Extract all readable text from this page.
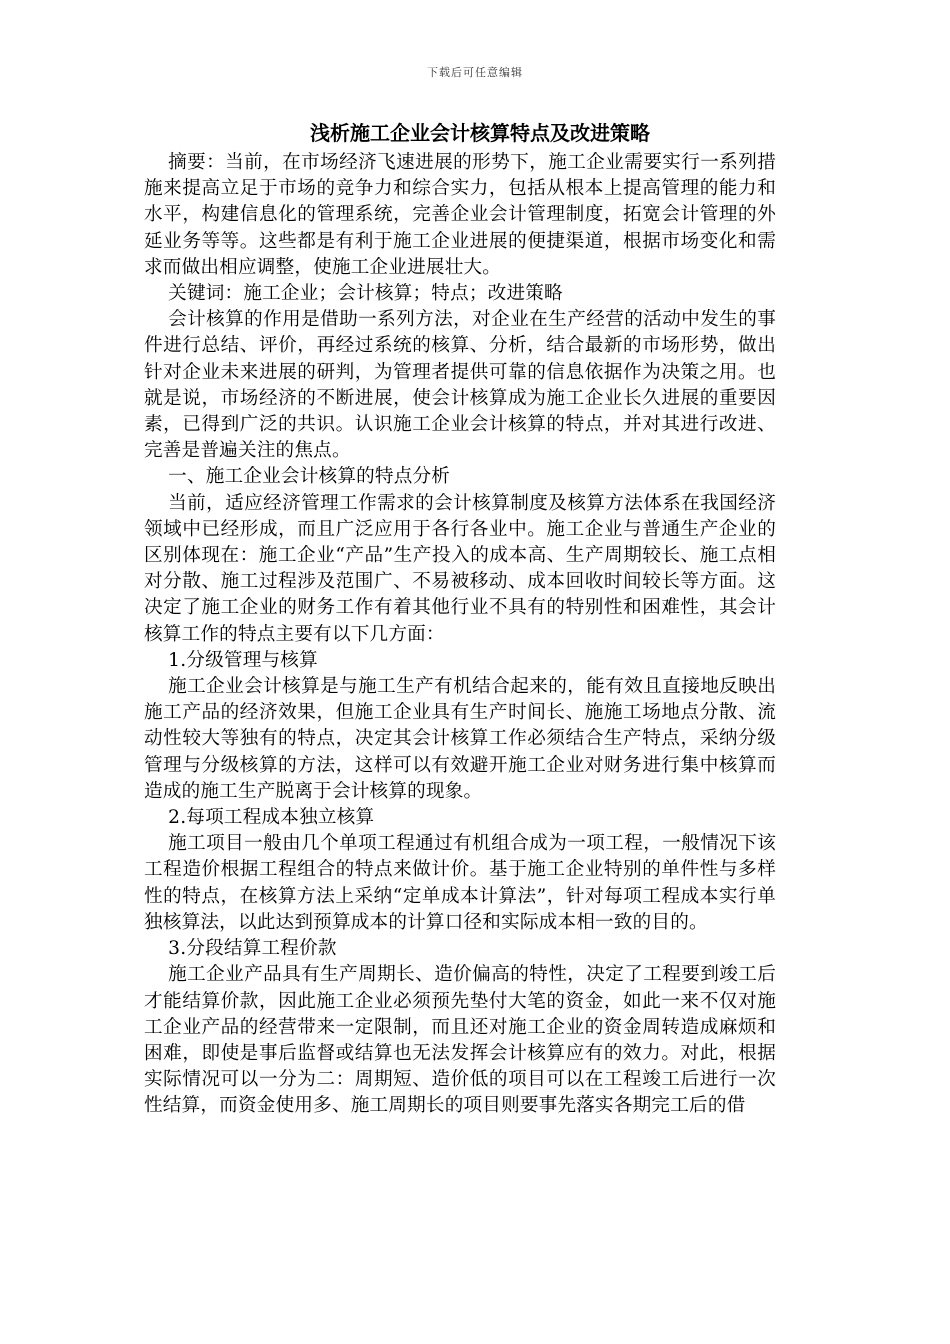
下载后可任意编辑
浅析施工企业会计核算特点及改进策略

摘要：当前，在市场经济飞速进展的形势下，施工企业需要实行一系列措施来提高立足于市场的竞争力和综合实力，包括从根本上提高管理的能力和水平，构建信息化的管理系统，完善企业会计管理制度，拓宽会计管理的外延业务等等。这些都是有利于施工企业进展的便捷渠道，根据市场变化和需求而做出相应调整，使施工企业进展壮大。

关键词：施工企业；会计核算；特点；改进策略

会计核算的作用是借助一系列方法，对企业在生产经营的活动中发生的事件进行总结、评价，再经过系统的核算、分析，结合最新的市场形势，做出针对企业未来进展的研判，为管理者提供可靠的信息依据作为决策之用。也就是说，市场经济的不断进展，使会计核算成为施工企业长久进展的重要因素，已得到广泛的共识。认识施工企业会计核算的特点，并对其进行改进、完善是普遍关注的焦点。

一、施工企业会计核算的特点分析

当前，适应经济管理工作需求的会计核算制度及核算方法体系在我国经济领域中已经形成，而且广泛应用于各行各业中。施工企业与普通生产企业的区别体现在：施工企业“产品”生产投入的成本高、生产周期较长、施工点相对分散、施工过程涉及范围广、不易被移动、成本回收时间较长等方面。这决定了施工企业的财务工作有着其他行业不具有的特别性和困难性，其会计核算工作的特点主要有以下几方面：

1.分级管理与核算

施工企业会计核算是与施工生产有机结合起来的，能有效且直接地反映出施工产品的经济效果，但施工企业具有生产时间长、施施工场地点分散、流动性较大等独有的特点，决定其会计核算工作必须结合生产特点，采纳分级管理与分级核算的方法，这样可以有效避开施工企业对财务进行集中核算而造成的施工生产脱离于会计核算的现象。

2.每项工程成本独立核算

施工项目一般由几个单项工程通过有机组合成为一项工程，一般情况下该工程造价根据工程组合的特点来做计价。基于施工企业特别的单件性与多样性的特点，在核算方法上采纳“定单成本计算法”，针对每项工程成本实行单独核算法，以此达到预算成本的计算口径和实际成本相一致的目的。

3.分段结算工程价款

施工企业产品具有生产周期长、造价偏高的特性，决定了工程要到竣工后才能结算价款，因此施工企业必须预先垫付大笔的资金，如此一来不仅对施工企业产品的经营带来一定限制，而且还对施工企业的资金周转造成麻烦和困难，即使是事后监督或结算也无法发挥会计核算应有的效力。对此，根据实际情况可以一分为二：周期短、造价低的项目可以在工程竣工后进行一次性结算，而资金使用多、施工周期长的项目则要事先落实各期完工后的借
